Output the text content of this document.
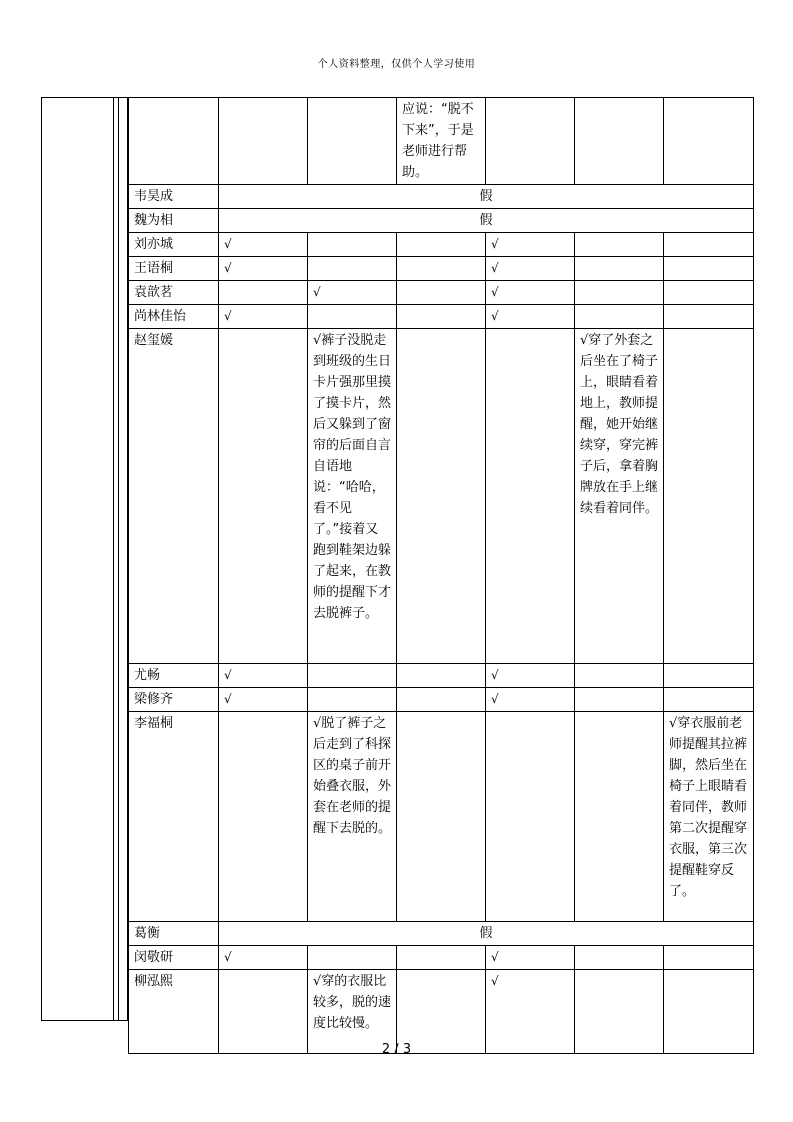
个人资料整理，仅供个人学习使用
			应说：“脱不下来”，于是老师进行帮助。			
韦昊成	假					
魏为相	假					
刘亦城	√			√		
王语桐	√			√		
袁歆茗		√		√		
尚林佳怡	√			√		
赵玺媛		√裤子没脱走到班级的生日卡片强那里摸了摸卡片，然后又躲到了窗帘的后面自言自语地说：“哈哈，看不见了。”接着又跑到鞋架边躲了起来，在教师的提醒下才去脱裤子。			√穿了外套之后坐在了椅子上，眼睛看着地上，教师提醒，她开始继续穿，穿完裤子后，拿着胸牌放在手上继续看着同伴。	
尤畅	√			√		
梁修齐	√			√		
李福桐		√脱了裤子之后走到了科探区的桌子前开始叠衣服，外套在老师的提醒下去脱的。				√穿衣服前老师提醒其拉裤脚，然后坐在椅子上眼睛看着同伴，教师第二次提醒穿衣服，第三次提醒鞋穿反了。
葛衡	假					
闵敬研	√			√		
柳泓熙		√穿的衣服比较多，脱的速度比较慢。		√		
2 / 3
